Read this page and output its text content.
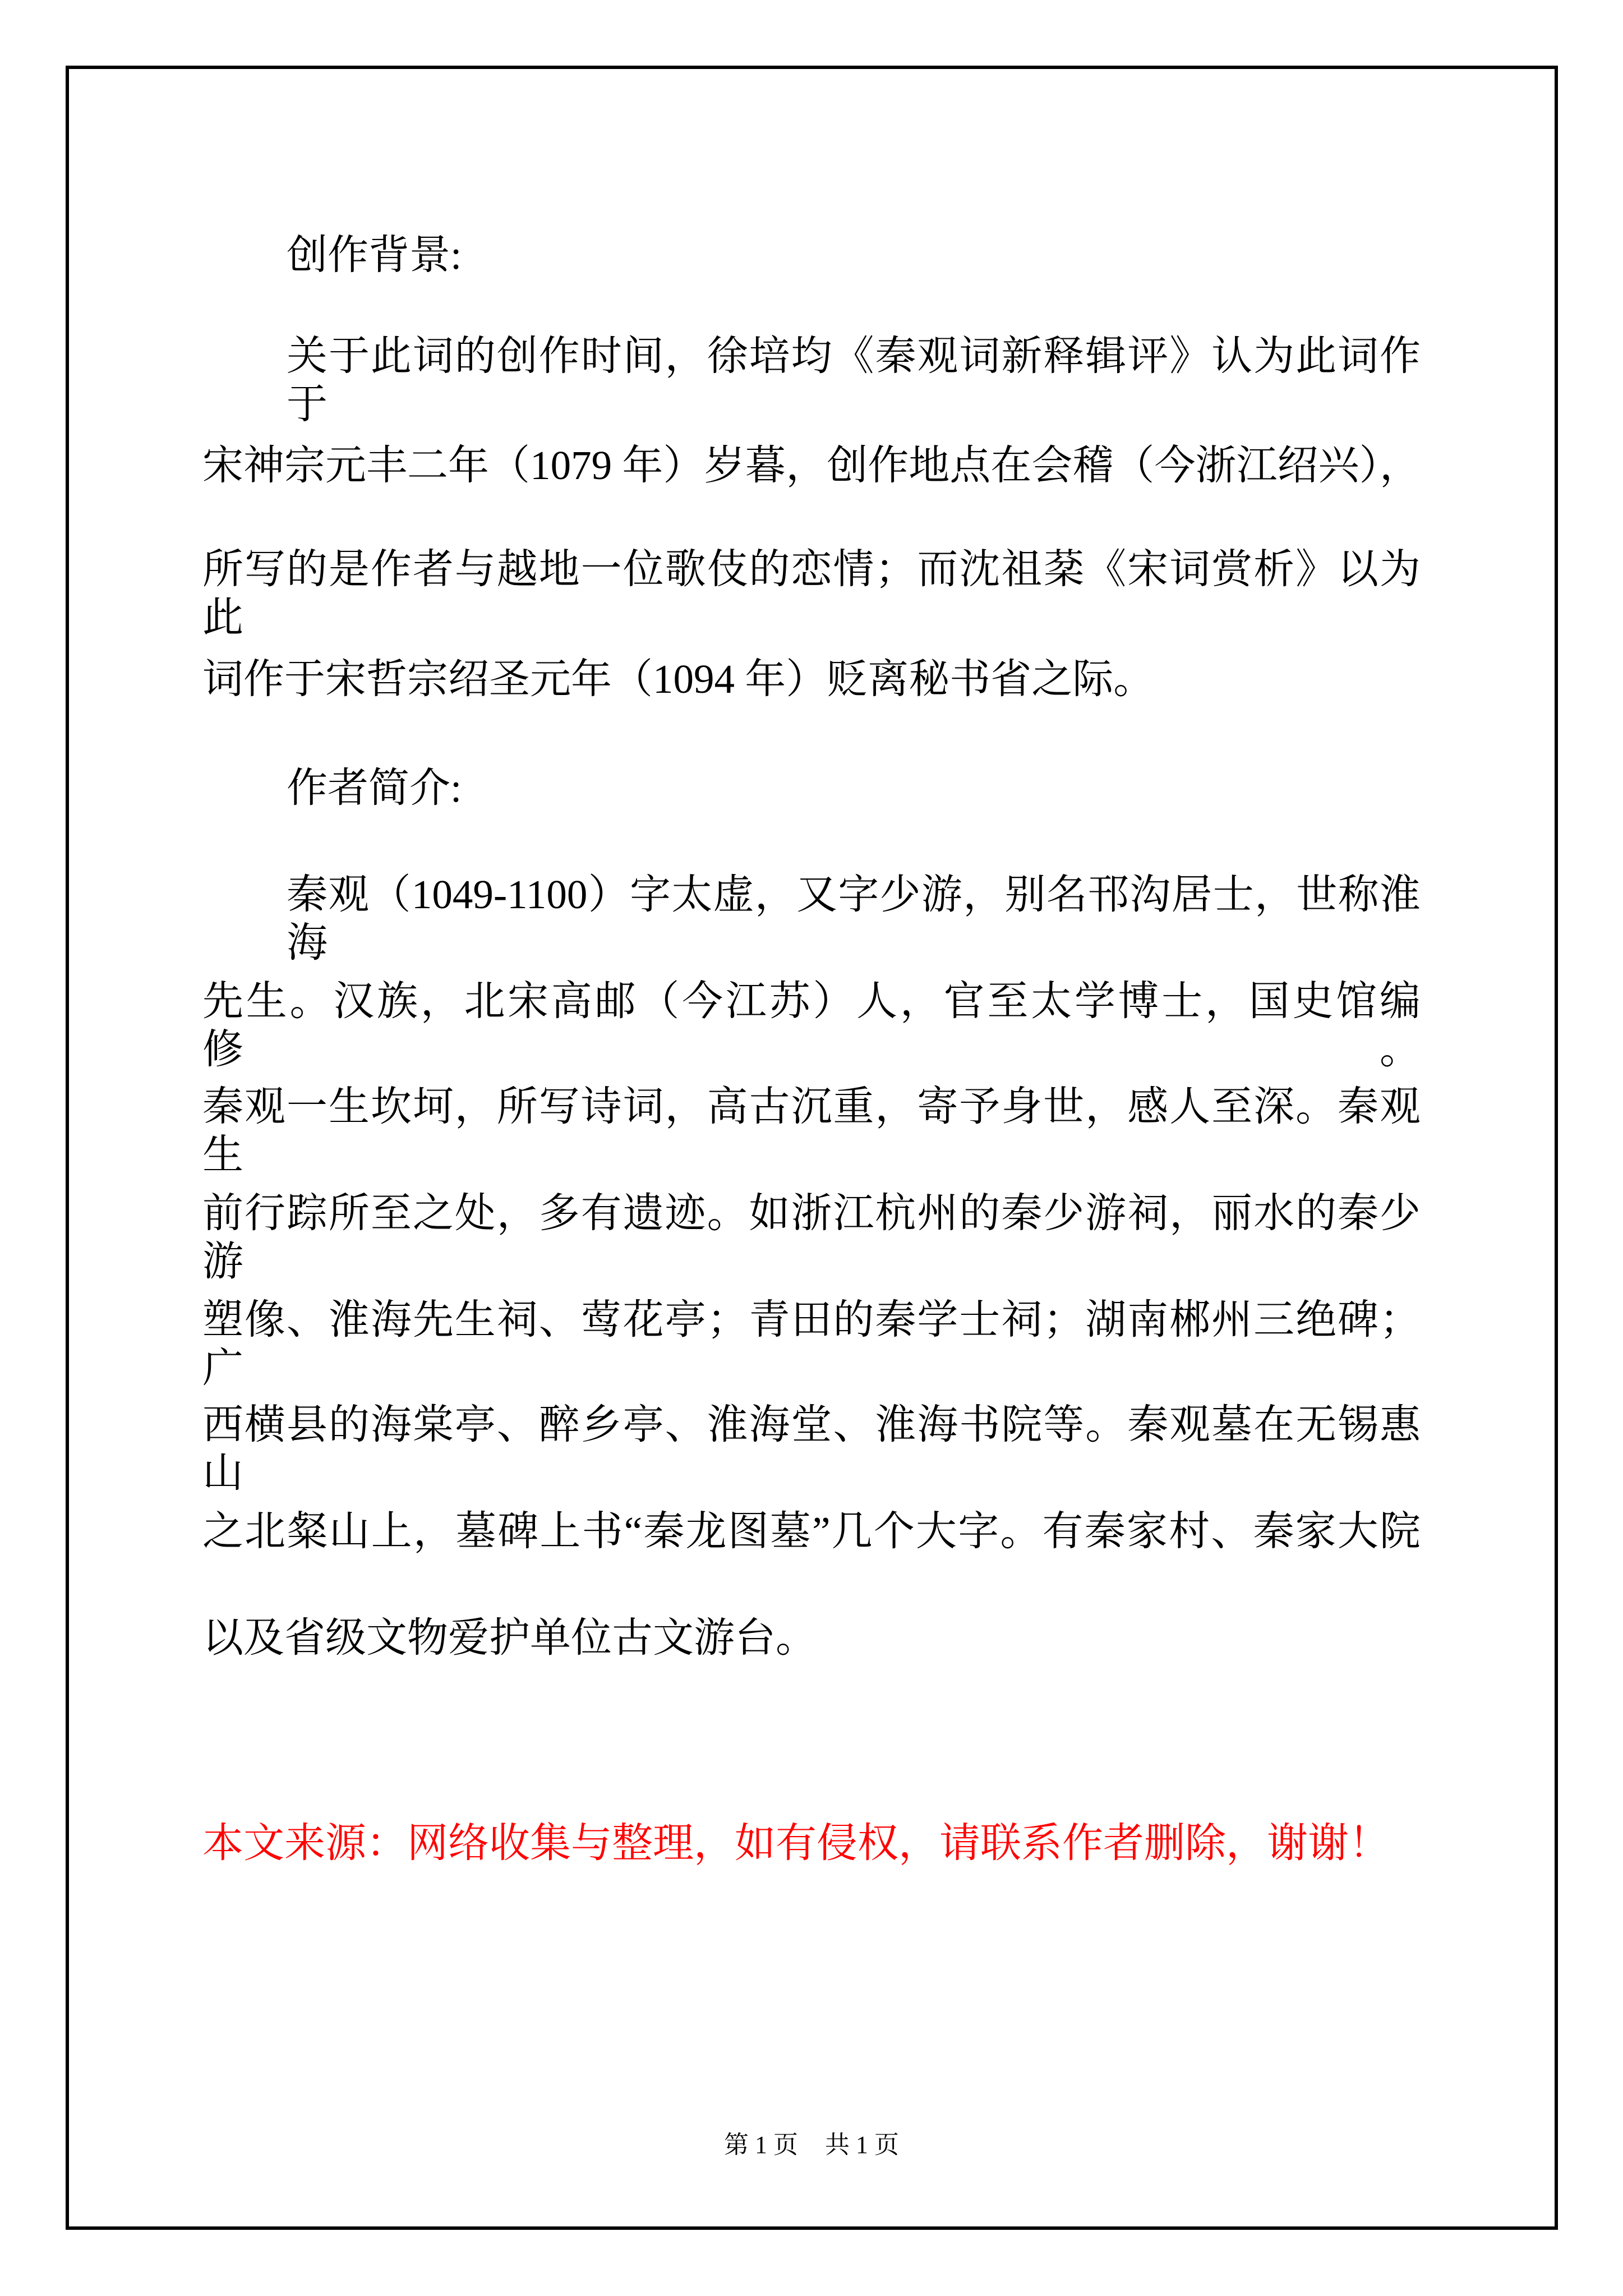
创作背景:
关于此词的创作时间，徐培均《秦观词新释辑评》认为此词作于
宋神宗元丰二年（1079 年）岁暮，创作地点在会稽（今浙江绍兴），
所写的是作者与越地一位歌伎的恋情；而沈祖棻《宋词赏析》以为此
词作于宋哲宗绍圣元年（1094 年）贬离秘书省之际。
作者简介:
秦观（1049-1100）字太虚，又字少游，别名邗沟居士，世称淮海
先生。汉族，北宋高邮（今江苏）人，官至太学博士，国史馆编修。
秦观一生坎坷，所写诗词，高古沉重，寄予身世，感人至深。秦观生
前行踪所至之处，多有遗迹。如浙江杭州的秦少游祠，丽水的秦少游
塑像、淮海先生祠、莺花亭；青田的秦学士祠；湖南郴州三绝碑；广
西横县的海棠亭、醉乡亭、淮海堂、淮海书院等。秦观墓在无锡惠山
之北粲山上，墓碑上书“秦龙图墓”几个大字。有秦家村、秦家大院
以及省级文物爱护单位古文游台。
本文来源：网络收集与整理，如有侵权，请联系作者删除，谢谢！
第 1 页 共 1 页
